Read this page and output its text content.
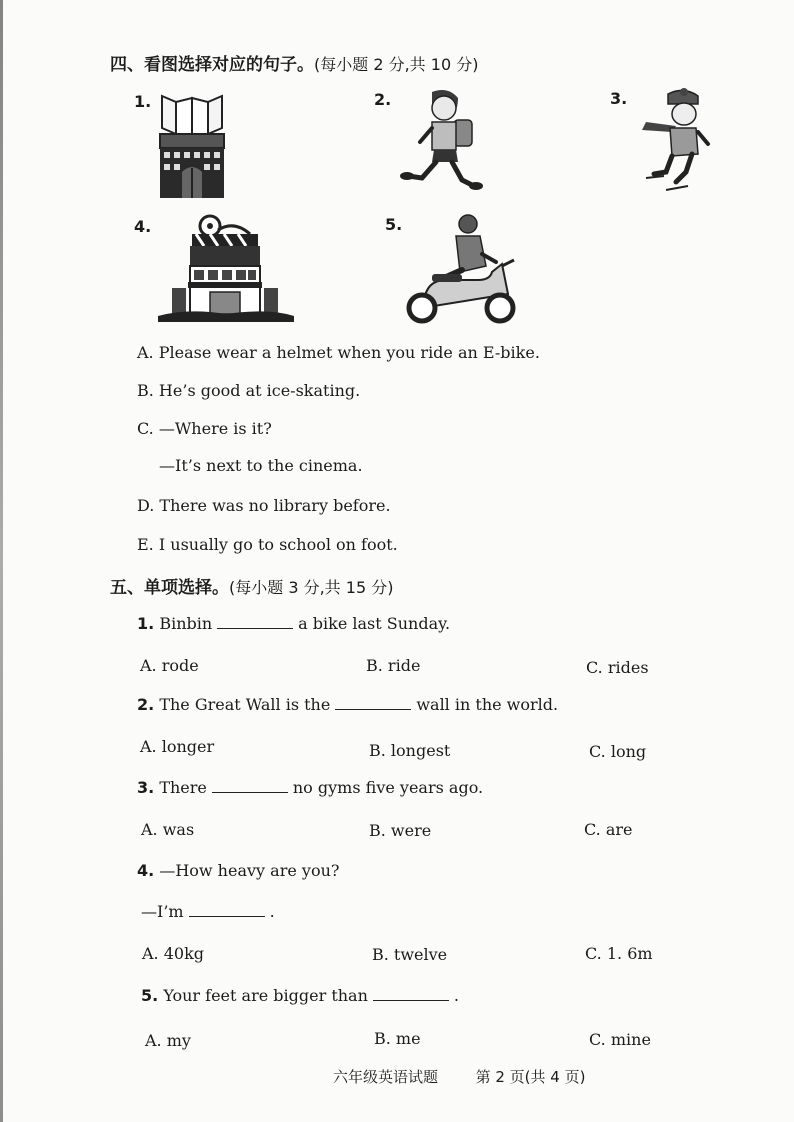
四、看图选择对应的句子。(每小题 2 分,共 10 分)
1.	2.	3.
4.	5.
A. Please wear a helmet when you ride an E-bike.
B. He’s good at ice-skating.
C. —Where is it?
—It’s next to the cinema.
D. There was no library before.
E. I usually go to school on foot.
五、单项选择。(每小题 3 分,共 15 分)
1. Binbin	a bike last Sunday.
A. rode	B. ride	C. rides
2. The Great Wall is the	wall in the world.
A. longer	B. longest	C. long
3. There	no gyms five years ago.
A. was	B. were	C. are
4. —How heavy are you?
—I’m	.
A. 40kg	B. twelve	C. 1. 6m
5. Your feet are bigger than	.
A. my	B. me	C. mine
六年级英语试题	第 2 页(共 4 页)
